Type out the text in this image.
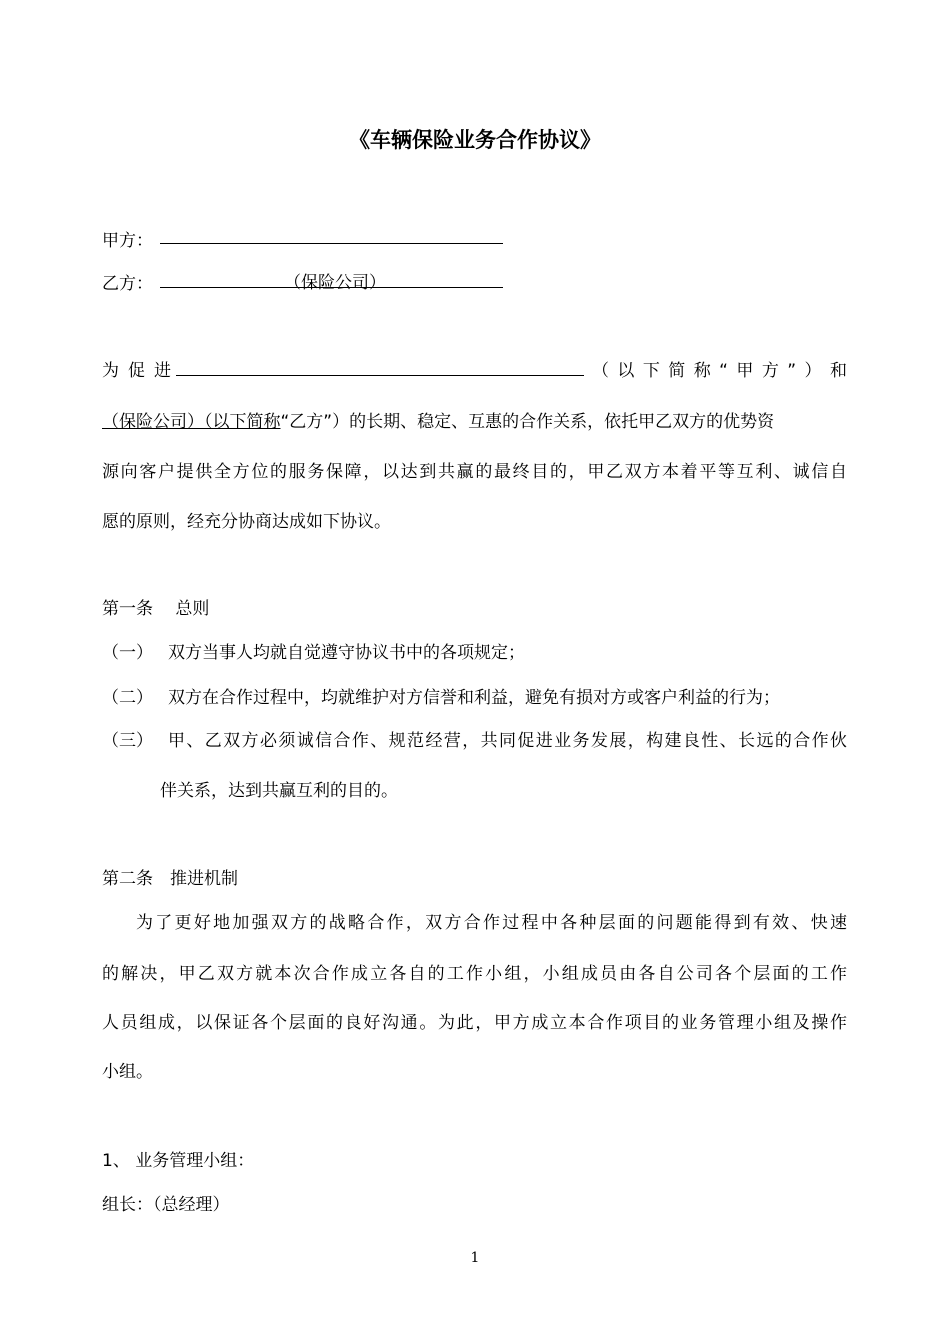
《车辆保险业务合作协议》
甲方：
乙方：	（保险公司）
为促进	（以下简称“甲方”）和
（保险公司）（以下简称“乙方”）的长期、稳定、互惠的合作关系，依托甲乙双方的优势资
源向客户提供全方位的服务保障，以达到共赢的最终目的，甲乙双方本着平等互利、诚信自
愿的原则，经充分协商达成如下协议。
第一条　 总则
（一） 双方当事人均就自觉遵守协议书中的各项规定；
（二） 双方在合作过程中，均就维护对方信誉和利益，避免有损对方或客户利益的行为；
（三） 甲、乙双方必须诚信合作、规范经营，共同促进业务发展，构建良性、长远的合作伙
伴关系，达到共赢互利的目的。
第二条　推进机制
为了更好地加强双方的战略合作，双方合作过程中各种层面的问题能得到有效、快速
的解决，甲乙双方就本次合作成立各自的工作小组，小组成员由各自公司各个层面的工作
人员组成，以保证各个层面的良好沟通。为此，甲方成立本合作项目的业务管理小组及操作
小组。
1、 业务管理小组：
组长：（总经理）
1
